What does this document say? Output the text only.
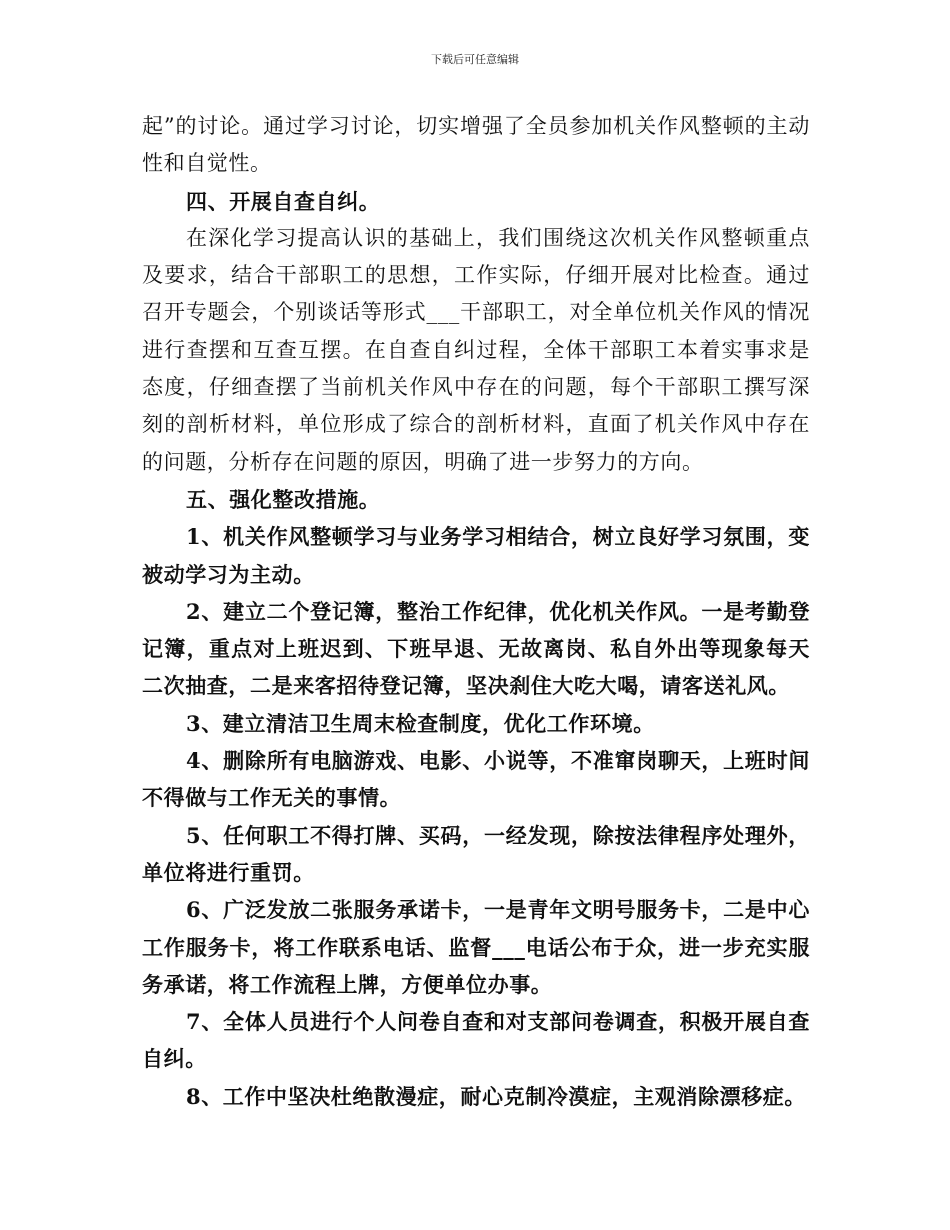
下载后可任意编辑

起”的讨论。通过学习讨论，切实增强了全员参加机关作风整顿的主动性和自觉性。

四、开展自查自纠。

在深化学习提高认识的基础上，我们围绕这次机关作风整顿重点及要求，结合干部职工的思想，工作实际，仔细开展对比检查。通过召开专题会，个别谈话等形式___干部职工，对全单位机关作风的情况进行查摆和互查互摆。在自查自纠过程，全体干部职工本着实事求是态度，仔细查摆了当前机关作风中存在的问题，每个干部职工撰写深刻的剖析材料，单位形成了综合的剖析材料，直面了机关作风中存在的问题，分析存在问题的原因，明确了进一步努力的方向。

五、强化整改措施。

1、机关作风整顿学习与业务学习相结合，树立良好学习氛围，变被动学习为主动。

2、建立二个登记簿，整治工作纪律，优化机关作风。一是考勤登记簿，重点对上班迟到、下班早退、无故离岗、私自外出等现象每天二次抽查，二是来客招待登记簿，坚决刹住大吃大喝，请客送礼风。

3、建立清洁卫生周末检查制度，优化工作环境。

4、删除所有电脑游戏、电影、小说等，不准窜岗聊天，上班时间不得做与工作无关的事情。

5、任何职工不得打牌、买码，一经发现，除按法律程序处理外，单位将进行重罚。

6、广泛发放二张服务承诺卡，一是青年文明号服务卡，二是中心工作服务卡，将工作联系电话、监督___电话公布于众，进一步充实服务承诺，将工作流程上牌，方便单位办事。

7、全体人员进行个人问卷自查和对支部问卷调查，积极开展自查自纠。

8、工作中坚决杜绝散漫症，耐心克制冷漠症，主观消除漂移症。
